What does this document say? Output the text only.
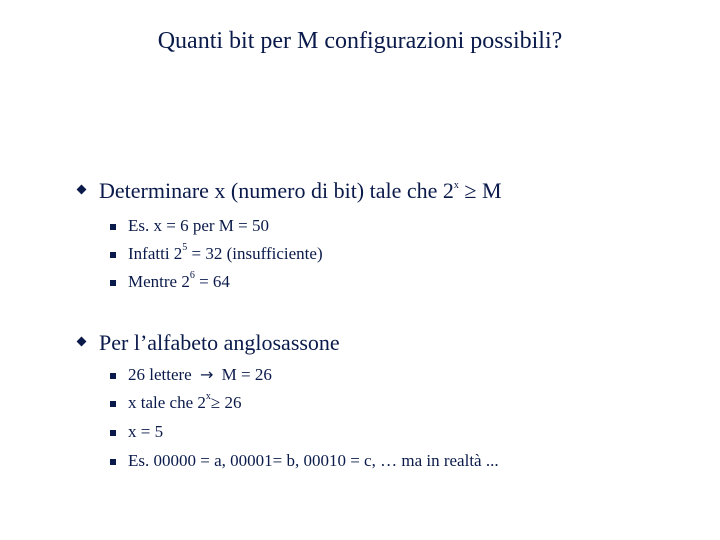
Quanti bit per M configurazioni possibili?
Determinare x (numero di bit) tale che $2^x \ge M$
Es. x = 6 per M = 50
Infatti $2^5 = 32$ (insufficiente)
Mentre $2^6 = 64$
Per l’alfabeto anglosassone
26 lettere → M = 26
x tale che $2^x\ge 26$
x = 5
Es. 00000 = a, 00001= b, 00010 = c, … ma in realtà ...
